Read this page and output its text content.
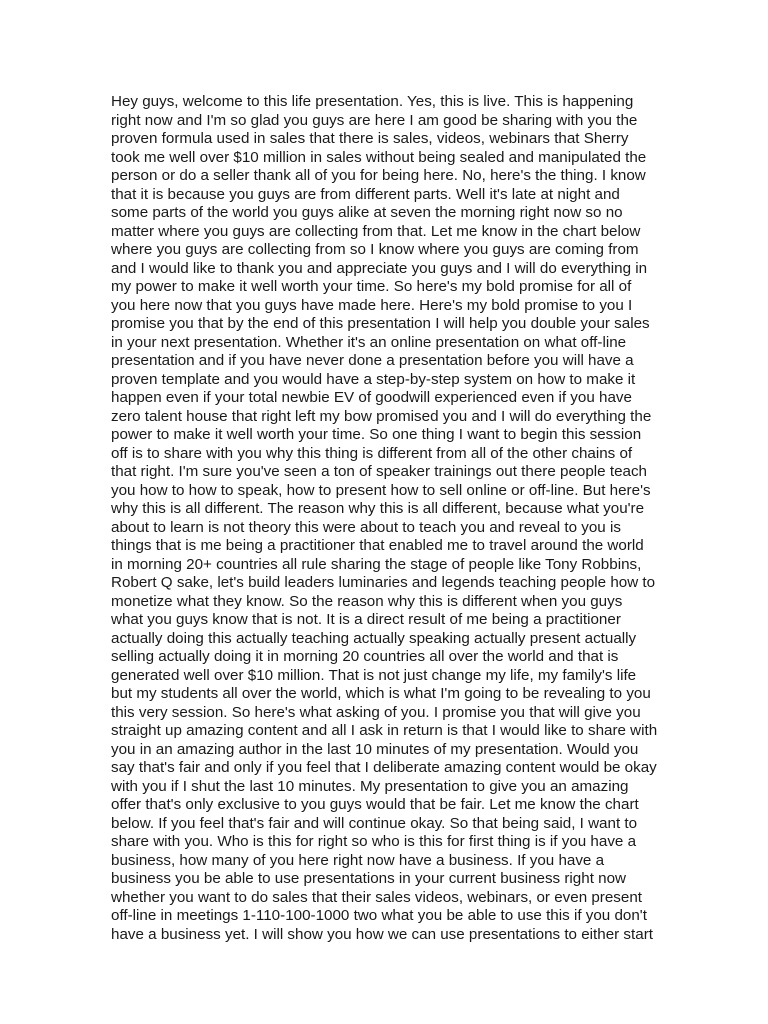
Hey guys, welcome to this life presentation. Yes, this is live. This is happening
right now and I'm so glad you guys are here I am good be sharing with you the
proven formula used in sales that there is sales, videos, webinars that Sherry
took me well over $10 million in sales without being sealed and manipulated the
person or do a seller thank all of you for being here. No, here's the thing. I know
that it is because you guys are from different parts. Well it's late at night and
some parts of the world you guys alike at seven the morning right now so no
matter where you guys are collecting from that. Let me know in the chart below
where you guys are collecting from so I know where you guys are coming from
and I would like to thank you and appreciate you guys and I will do everything in
my power to make it well worth your time. So here's my bold promise for all of
you here now that you guys have made here. Here's my bold promise to you I
promise you that by the end of this presentation I will help you double your sales
in your next presentation. Whether it's an online presentation on what off-line
presentation and if you have never done a presentation before you will have a
proven template and you would have a step-by-step system on how to make it
happen even if your total newbie EV of goodwill experienced even if you have
zero talent house that right left my bow promised you and I will do everything the
power to make it well worth your time. So one thing I want to begin this session
off is to share with you why this thing is different from all of the other chains of
that right. I'm sure you've seen a ton of speaker trainings out there people teach
you how to how to speak, how to present how to sell online or off-line. But here's
why this is all different. The reason why this is all different, because what you're
about to learn is not theory this were about to teach you and reveal to you is
things that is me being a practitioner that enabled me to travel around the world
in morning 20+ countries all rule sharing the stage of people like Tony Robbins,
Robert Q sake, let's build leaders luminaries and legends teaching people how to
monetize what they know. So the reason why this is different when you guys
what you guys know that is not. It is a direct result of me being a practitioner
actually doing this actually teaching actually speaking actually present actually
selling actually doing it in morning 20 countries all over the world and that is
generated well over $10 million. That is not just change my life, my family's life
but my students all over the world, which is what I'm going to be revealing to you
this very session. So here's what asking of you. I promise you that will give you
straight up amazing content and all I ask in return is that I would like to share with
you in an amazing author in the last 10 minutes of my presentation. Would you
say that's fair and only if you feel that I deliberate amazing content would be okay
with you if I shut the last 10 minutes. My presentation to give you an amazing
offer that's only exclusive to you guys would that be fair. Let me know the chart
below. If you feel that's fair and will continue okay. So that being said, I want to
share with you. Who is this for right so who is this for first thing is if you have a
business, how many of you here right now have a business. If you have a
business you be able to use presentations in your current business right now
whether you want to do sales that their sales videos, webinars, or even present
off-line in meetings 1-110-100-1000 two what you be able to use this if you don't
have a business yet. I will show you how we can use presentations to either start
